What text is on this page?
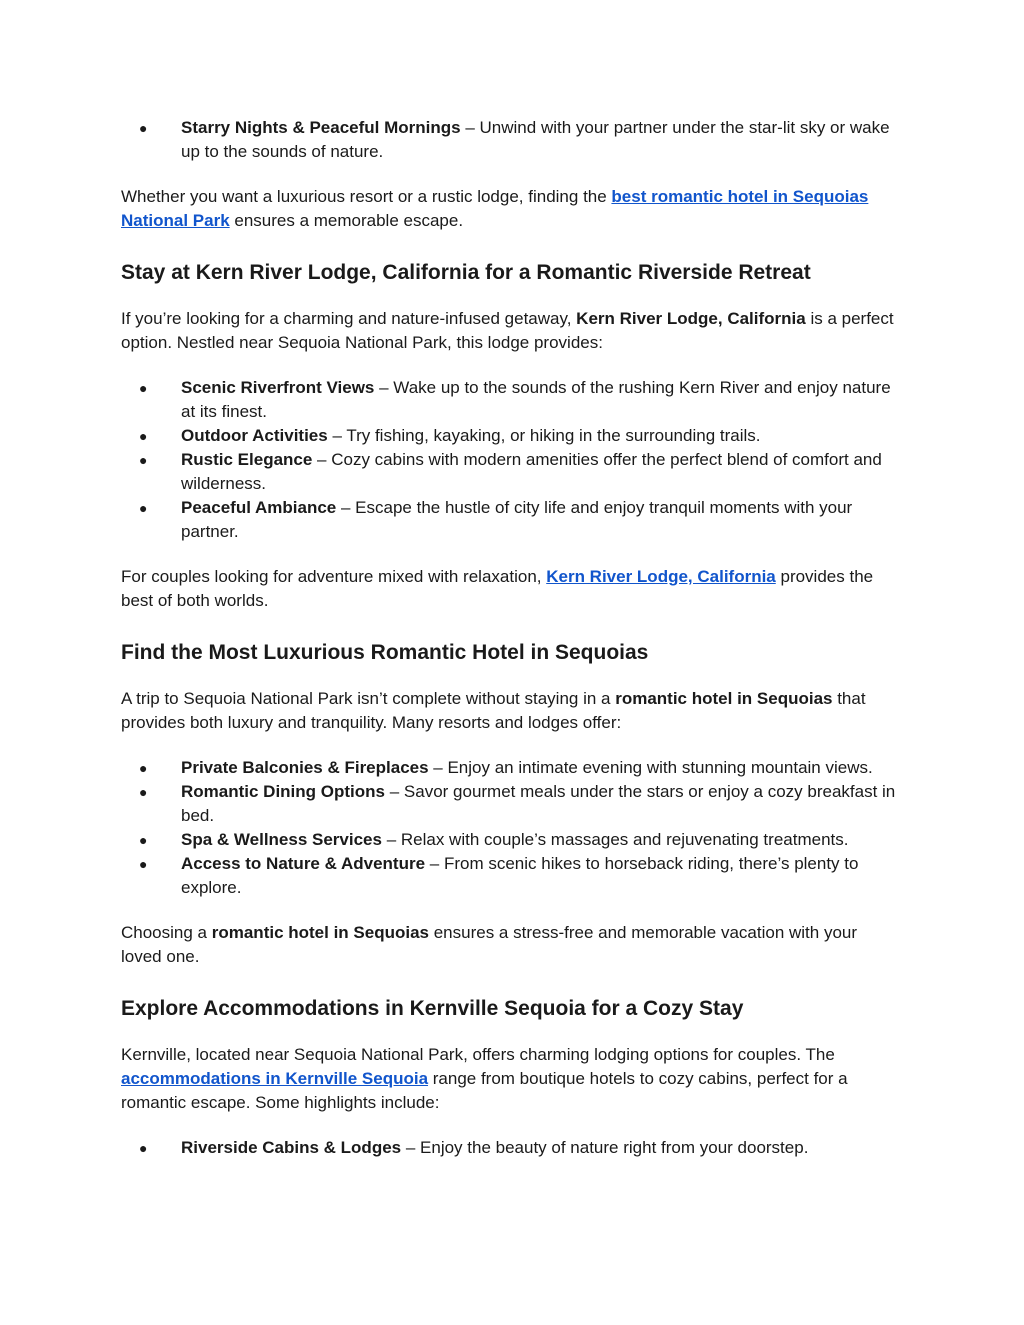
● Starry Nights & Peaceful Mornings – Unwind with your partner under the star-lit sky or wake up to the sounds of nature.

Whether you want a luxurious resort or a rustic lodge, finding the best romantic hotel in Sequoias National Park ensures a memorable escape.

Stay at Kern River Lodge, California for a Romantic Riverside Retreat

If you’re looking for a charming and nature-infused getaway, Kern River Lodge, California is a perfect option. Nestled near Sequoia National Park, this lodge provides:

● Scenic Riverfront Views – Wake up to the sounds of the rushing Kern River and enjoy nature at its finest.
● Outdoor Activities – Try fishing, kayaking, or hiking in the surrounding trails.
● Rustic Elegance – Cozy cabins with modern amenities offer the perfect blend of comfort and wilderness.
● Peaceful Ambiance – Escape the hustle of city life and enjoy tranquil moments with your partner.

For couples looking for adventure mixed with relaxation, Kern River Lodge, California provides the best of both worlds.

Find the Most Luxurious Romantic Hotel in Sequoias

A trip to Sequoia National Park isn’t complete without staying in a romantic hotel in Sequoias that provides both luxury and tranquility. Many resorts and lodges offer:

● Private Balconies & Fireplaces – Enjoy an intimate evening with stunning mountain views.
● Romantic Dining Options – Savor gourmet meals under the stars or enjoy a cozy breakfast in bed.
● Spa & Wellness Services – Relax with couple’s massages and rejuvenating treatments.
● Access to Nature & Adventure – From scenic hikes to horseback riding, there’s plenty to explore.

Choosing a romantic hotel in Sequoias ensures a stress-free and memorable vacation with your loved one.

Explore Accommodations in Kernville Sequoia for a Cozy Stay

Kernville, located near Sequoia National Park, offers charming lodging options for couples. The accommodations in Kernville Sequoia range from boutique hotels to cozy cabins, perfect for a romantic escape. Some highlights include:

● Riverside Cabins & Lodges – Enjoy the beauty of nature right from your doorstep.
